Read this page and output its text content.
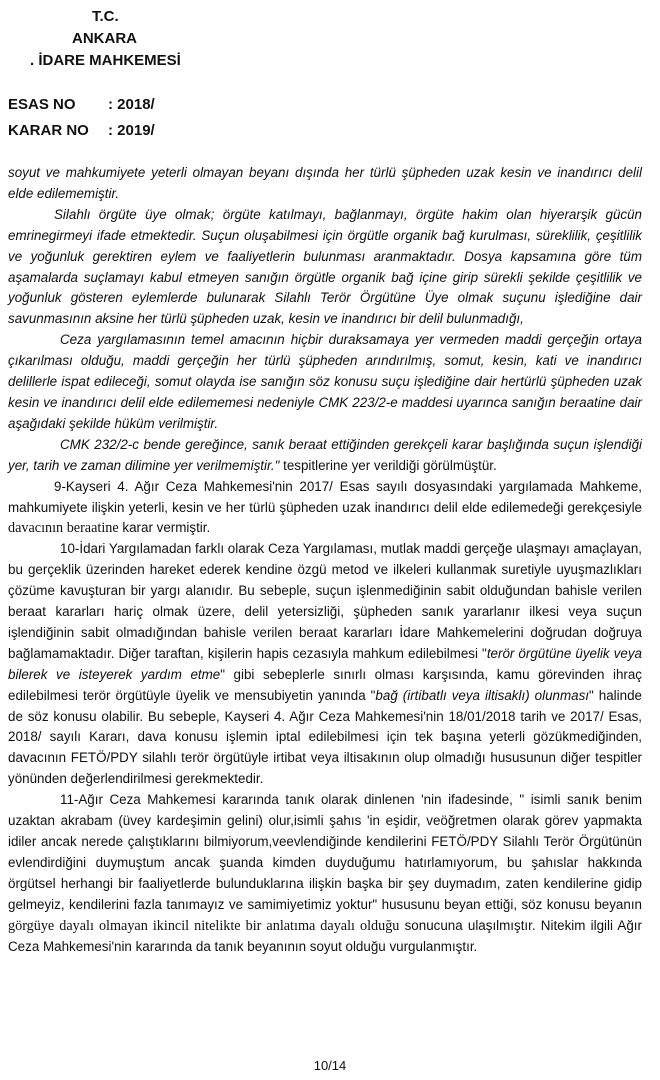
T.C.
ANKARA
. İDARE MAHKEMESİ
ESAS NO	: 2018/
KARAR NO	: 2019/

soyut ve mahkumiyete yeterli olmayan beyanı dışında her türlü şüpheden uzak kesin ve inandırıcı delil elde edilememiştir.

Silahlı örgüte üye olmak; örgüte katılmayı, bağlanmayı, örgüte hakim olan hiyerarşik gücün emrinegirmeyi ifade etmektedir. Suçun oluşabilmesi için örgütle organik bağ kurulması, süreklilik, çeşitlilik ve yoğunluk gerektiren eylem ve faaliyetlerin bulunması aranmaktadır. Dosya kapsamına göre tüm aşamalarda suçlamayı kabul etmeyen sanığın örgütle organik bağ içine girip sürekli şekilde çeşitlilik ve yoğunluk gösteren eylemlerde bulunarak Silahlı Terör Örgütüne Üye olmak suçunu işlediğine dair savunmasının aksine her türlü şüpheden uzak, kesin ve inandırıcı bir delil bulunmadığı,

Ceza yargılamasının temel amacının hiçbir duraksamaya yer vermeden maddi gerçeğin ortaya çıkarılması olduğu, maddi gerçeğin her türlü şüpheden arındırılmış, somut, kesin, kati ve inandırıcı delillerle ispat edileceği, somut olayda ise sanığın söz konusu suçu işlediğine dair hertürlü şüpheden uzak kesin ve inandırıcı delil elde edilememesi nedeniyle CMK 223/2-e maddesi uyarınca sanığın beraatine dair aşağıdaki şekilde hüküm verilmiştir.

CMK 232/2-c bende gereğince, sanık beraat ettiğinden gerekçeli karar başlığında suçun işlendiği yer, tarih ve zaman dilimine yer verilmemiştir." tespitlerine yer verildiği görülmüştür.

9-Kayseri 4. Ağır Ceza Mahkemesi'nin 2017/ Esas sayılı dosyasındaki yargılamada Mahkeme, mahkumiyete ilişkin yeterli, kesin ve her türlü şüpheden uzak inandırıcı delil elde edilemedeği gerekçesiyle davacının beraatine karar vermiştir.

10-İdari Yargılamadan farklı olarak Ceza Yargılaması, mutlak maddi gerçeğe ulaşmayı amaçlayan, bu gerçeklik üzerinden hareket ederek kendine özgü metod ve ilkeleri kullanmak suretiyle uyuşmazlıkları çözüme kavuşturan bir yargı alanıdır. Bu sebeple, suçun işlenmediğinin sabit olduğundan bahisle verilen beraat kararları hariç olmak üzere, delil yetersizliği, şüpheden sanık yararlanır ilkesi veya suçun işlendiğinin sabit olmadığından bahisle verilen beraat kararları İdare Mahkemelerini doğrudan doğruya bağlamamaktadır. Diğer taraftan, kişilerin hapis cezasıyla mahkum edilebilmesi "terör örgütüne üyelik veya bilerek ve isteyerek yardım etme" gibi sebeplerle sınırlı olması karşısında, kamu görevinden ihraç edilebilmesi terör örgütüyle üyelik ve mensubiyetin yanında "bağ (irtibatlı veya iltisaklı) olunması" halinde de söz konusu olabilir. Bu sebeple, Kayseri 4. Ağır Ceza Mahkemesi'nin 18/01/2018 tarih ve 2017/ Esas, 2018/ sayılı Kararı, dava konusu işlemin iptal edilebilmesi için tek başına yeterli gözükmediğinden, davacının FETÖ/PDY silahlı terör örgütüyle irtibat veya iltisakının olup olmadığı hususunun diğer tespitler yönünden değerlendirilmesi gerekmektedir.

11-Ağır Ceza Mahkemesi kararında tanık olarak dinlenen 'nin ifadesinde, " isimli sanık benim uzaktan akrabam (üvey kardeşimin gelini) olur,isimli şahıs 'in eşidir, veöğretmen olarak görev yapmakta idiler ancak nerede çalıştıklarını bilmiyorum,veevlendiğinde kendilerini FETÖ/PDY Silahlı Terör Örgütünün evlendirdiğini duymuştum ancak şuanda kimden duyduğumu hatırlamıyorum, bu şahıslar hakkında örgütsel herhangi bir faaliyetlerde bulunduklarına ilişkin başka bir şey duymadım, zaten kendilerine gidip gelmeyiz, kendilerini fazla tanımayız ve samimiyetimiz yoktur" hususunu beyan ettiği, söz konusu beyanın görgüye dayalı olmayan ikincil nitelikte bir anlatıma dayalı olduğu sonucuna ulaşılmıştır. Nitekim ilgili Ağır Ceza Mahkemesi'nin kararında da tanık beyanının soyut olduğu vurgulanmıştır.

10/14
